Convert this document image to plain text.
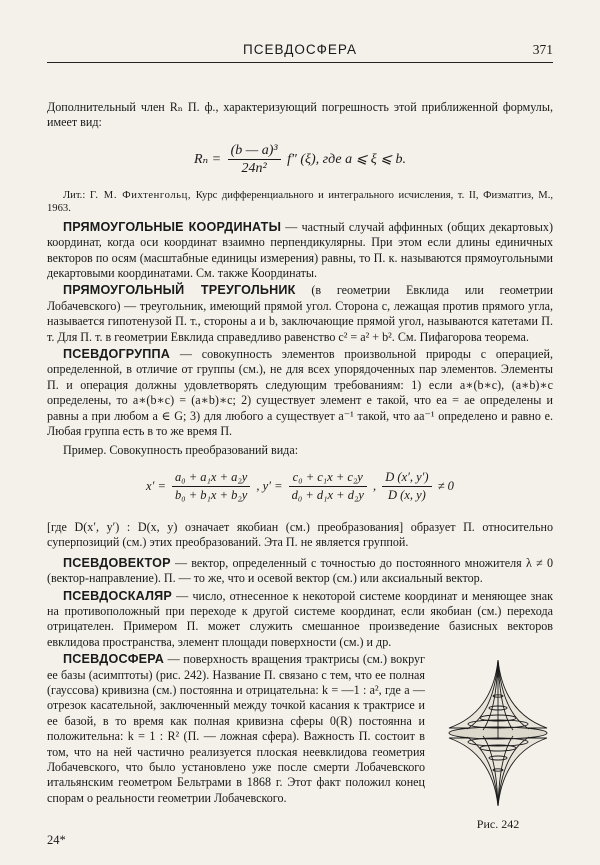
ПСЕВДОСФЕРА	371

Дополнительный член Rₙ П. ф., характеризующий погрешность этой приближенной формулы, имеет вид:

$R_n = \frac{\text{(b — a)³}}{\text{24n²}} f''$ (ξ), где a ⩽ ξ ⩽ b.

Лит.: Г. М. Фихтенгольц, Курс дифференциального и интегрального исчисления, т. II, Физматгиз, М., 1963.

ПРЯМОУГОЛЬНЫЕ КООРДИНАТЫ — частный случай аффинных (общих декартовых) координат, когда оси координат взаимно перпендикулярны. При этом если длины единичных векторов по осям (масштабные единицы измерения) равны, то П. к. называются прямоугольными декартовыми координатами. См. также Координаты.

ПРЯМОУГОЛЬНЫЙ ТРЕУГОЛЬНИК (в геометрии Евклида или геометрии Лобачевского) — треугольник, имеющий прямой угол. Сторона c, лежащая против прямого угла, называется гипотенузой П. т., стороны a и b, заключающие прямой угол, называются катетами П. т. Для П. т. в геометрии Евклида справедливо равенство c² = a² + b². См. Пифагорова теорема.

ПСЕВДОГРУППА — совокупность элементов произвольной природы с операцией, определенной, в отличие от группы (см.), не для всех упорядоченных пар элементов. Элементы П. и операция должны удовлетворять следующим требованиям: 1) если a∗(b∗c), (a∗b)∗c определены, то a∗(b∗c) = (a∗b)∗c; 2) существует элемент e такой, что ea = ae определены и равны a при любом a ∈ G; 3) для любого a существует a⁻¹ такой, что aa⁻¹ определено и равно e. Любая группа есть в то же время П.

Пример. Совокупность преобразований вида:

$x' = \frac{\text{a₀ + a₁x + a₂y}}{\text{b₀ + b₁x + b₂y}}$ , $y' = \frac{\text{c₀ + c₁x + c₂y}}{\text{d₀ + d₁x + d₂y}}$ , $\frac{D (x', y')}{D (x, y)} \ne 0$

[где D(x′, y′) : D(x, y) означает якобиан (см.) преобразования] образует П. относительно суперпозиций (см.) этих преобразований. Эта П. не является группой.

ПСЕВДОВЕКТОР — вектор, определенный с точностью до постоянного множителя λ ≠ 0 (вектор-направление). П. — то же, что и осевой вектор (см.) или аксиальный вектор.

ПСЕВДОСКАЛЯР — число, отнесенное к некоторой системе координат и меняющее знак на противоположный при переходе к другой системе координат, если якобиан (см.) перехода отрицателен. Примером П. может служить смешанное произведение базисных векторов евклидова пространства, элемент площади поверхности (см.) и др.

Рис. 242

ПСЕВДОСФЕРА — поверхность вращения трактрисы (см.) вокруг ее базы (асимптоты) (рис. 242). Название П. связано с тем, что ее полная (гауссова) кривизна (см.) постоянна и отрицательна: k = —1 : a², где a — отрезок касательной, заключенный между точкой касания к трактрисе и ее базой, в то время как полная кривизна сферы 0(R) постоянна и положительна: k = 1 : R² (П. — ложная сфера). Важность П. состоит в том, что на ней частично реализуется плоская неевклидова геометрия Лобачевского, что было установлено уже после смерти Лобачевского итальянским геометром Бельтрами в 1868 г. Этот факт положил конец спорам о реальности геометрии Лобачевского.

24*
